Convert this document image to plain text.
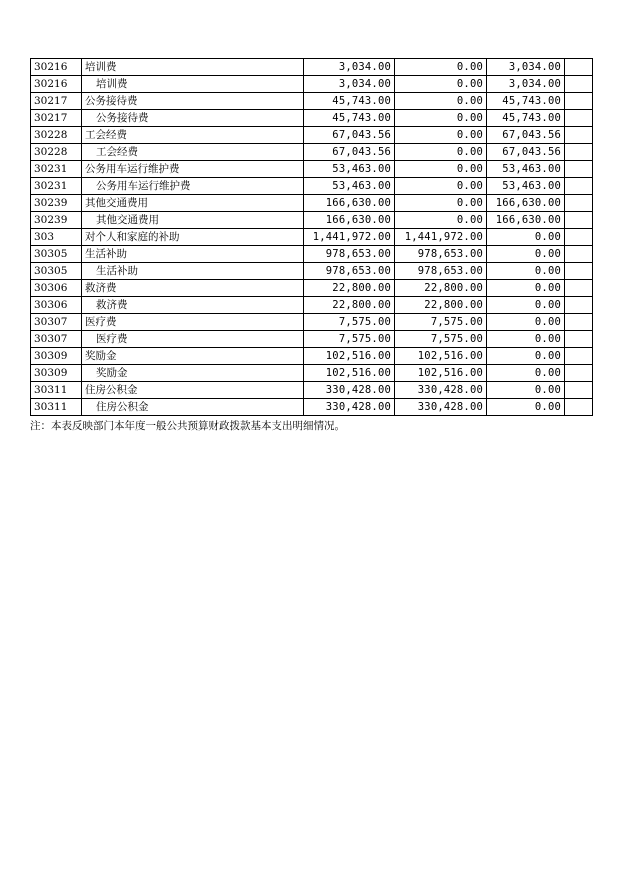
30216	培训费	3,034.00	0.00	3,034.00	
30216	培训费	3,034.00	0.00	3,034.00	
30217	公务接待费	45,743.00	0.00	45,743.00	
30217	公务接待费	45,743.00	0.00	45,743.00	
30228	工会经费	67,043.56	0.00	67,043.56	
30228	工会经费	67,043.56	0.00	67,043.56	
30231	公务用车运行维护费	53,463.00	0.00	53,463.00	
30231	公务用车运行维护费	53,463.00	0.00	53,463.00	
30239	其他交通费用	166,630.00	0.00	166,630.00	
30239	其他交通费用	166,630.00	0.00	166,630.00	
303	对个人和家庭的补助	1,441,972.00	1,441,972.00	0.00	
30305	生活补助	978,653.00	978,653.00	0.00	
30305	生活补助	978,653.00	978,653.00	0.00	
30306	救济费	22,800.00	22,800.00	0.00	
30306	救济费	22,800.00	22,800.00	0.00	
30307	医疗费	7,575.00	7,575.00	0.00	
30307	医疗费	7,575.00	7,575.00	0.00	
30309	奖励金	102,516.00	102,516.00	0.00	
30309	奖励金	102,516.00	102,516.00	0.00	
30311	住房公积金	330,428.00	330,428.00	0.00	
30311	住房公积金	330,428.00	330,428.00	0.00	
注：本表反映部门本年度一般公共预算财政拨款基本支出明细情况。
